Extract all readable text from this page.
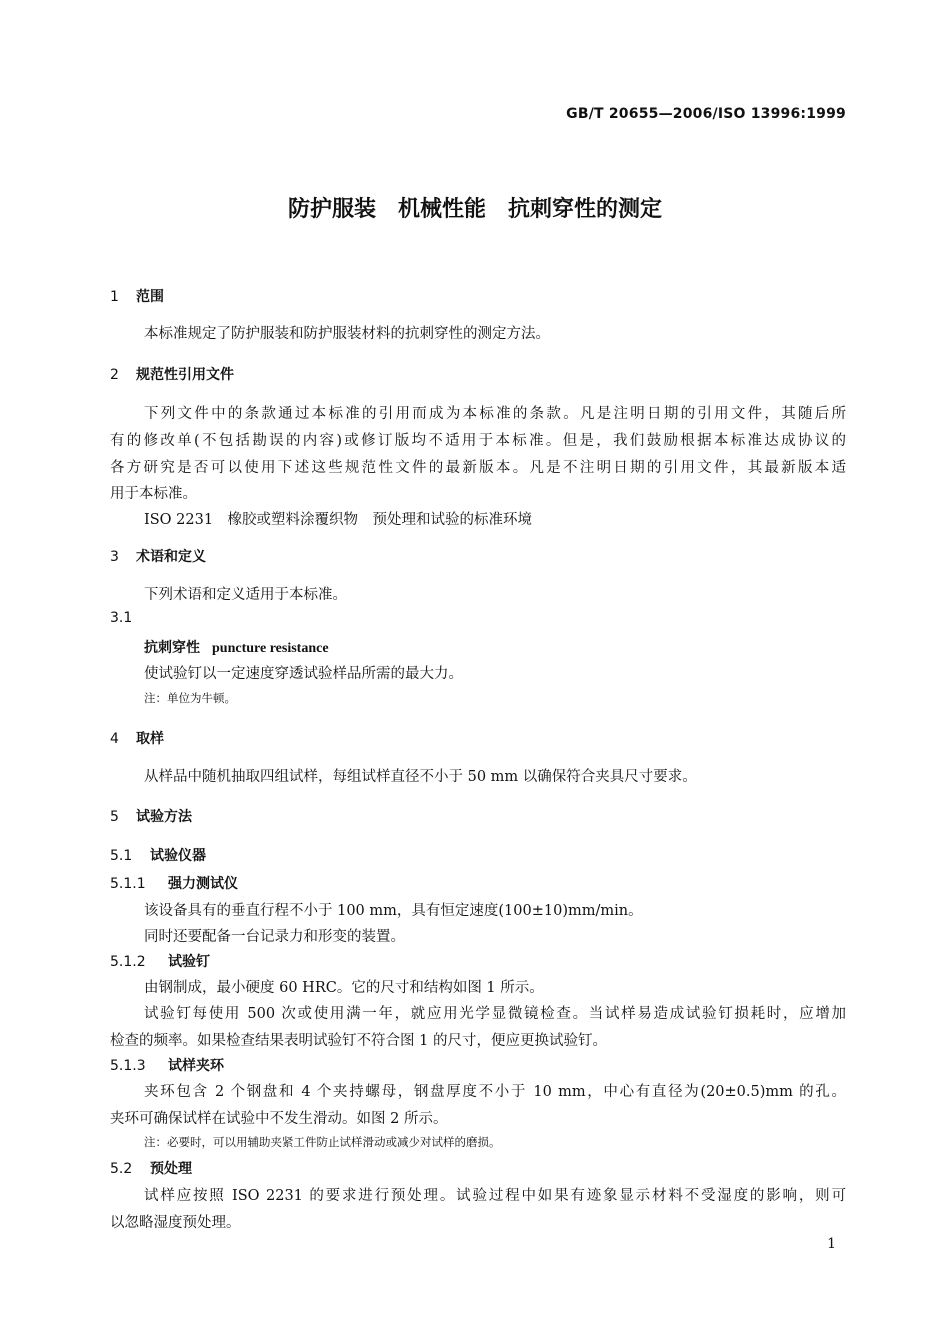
GB/T 20655—2006/ISO 13996:1999
防护服装　机械性能　抗刺穿性的测定
1 范围
本标准规定了防护服装和防护服装材料的抗刺穿性的测定方法。
2 规范性引用文件
下列文件中的条款通过本标准的引用而成为本标准的条款。凡是注明日期的引用文件，其随后所
有的修改单(不包括勘误的内容)或修订版均不适用于本标准。但是，我们鼓励根据本标准达成协议的
各方研究是否可以使用下述这些规范性文件的最新版本。凡是不注明日期的引用文件，其最新版本适
用于本标准。
ISO 2231　橡胶或塑料涂覆织物　预处理和试验的标准环境
3 术语和定义
下列术语和定义适用于本标准。
3.1
抗刺穿性 puncture resistance
使试验钉以一定速度穿透试验样品所需的最大力。
注：单位为牛顿。
4 取样
从样品中随机抽取四组试样，每组试样直径不小于 50 mm 以确保符合夹具尺寸要求。
5 试验方法
5.1 试验仪器
5.1.1 强力测试仪
该设备具有的垂直行程不小于 100 mm，具有恒定速度(100±10)mm/min。
同时还要配备一台记录力和形变的装置。
5.1.2 试验钉
由钢制成，最小硬度 60 HRC。它的尺寸和结构如图 1 所示。
试验钉每使用 500 次或使用满一年，就应用光学显微镜检查。当试样易造成试验钉损耗时，应增加
检查的频率。如果检查结果表明试验钉不符合图 1 的尺寸，便应更换试验钉。
5.1.3 试样夹环
夹环包含 2 个钢盘和 4 个夹持螺母，钢盘厚度不小于 10 mm，中心有直径为(20±0.5)mm 的孔。
夹环可确保试样在试验中不发生滑动。如图 2 所示。
注：必要时，可以用辅助夹紧工件防止试样滑动或减少对试样的磨损。
5.2 预处理
试样应按照 ISO 2231 的要求进行预处理。试验过程中如果有迹象显示材料不受湿度的影响，则可
以忽略湿度预处理。
1
